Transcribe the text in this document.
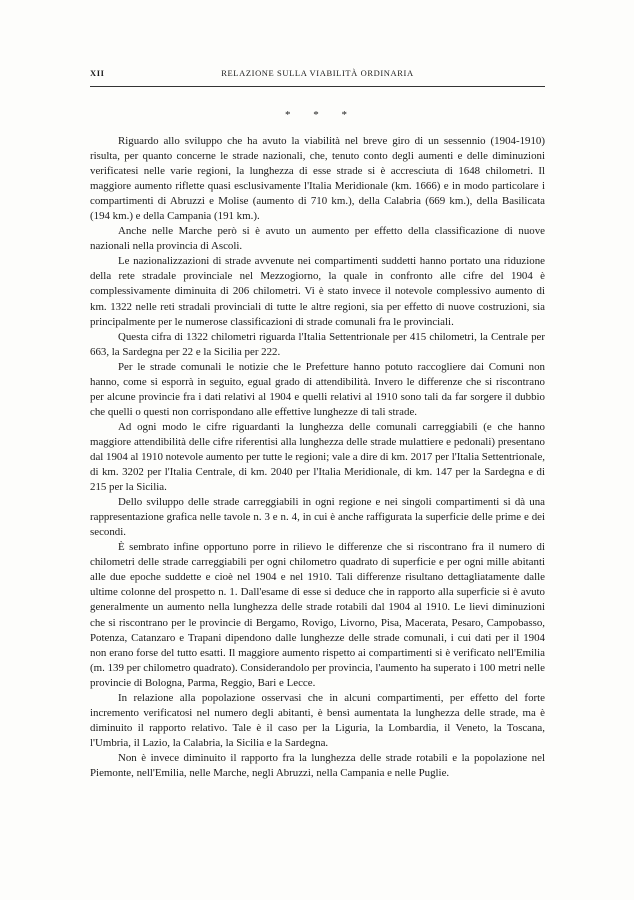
XII	RELAZIONE SULLA VIABILITÀ ORDINARIA
* * *

Riguardo allo sviluppo che ha avuto la viabilità nel breve giro di un sessennio (1904-1910) risulta, per quanto concerne le strade nazionali, che, tenuto conto degli aumenti e delle diminuzioni verificatesi nelle varie regioni, la lunghezza di esse strade si è accresciuta di 1648 chilometri. Il maggiore aumento riflette quasi esclusivamente l'Italia Meridionale (km. 1666) e in modo particolare i compartimenti di Abruzzi e Molise (aumento di 710 km.), della Calabria (669 km.), della Basilicata (194 km.) e della Campania (191 km.).

Anche nelle Marche però si è avuto un aumento per effetto della classificazione di nuove nazionali nella provincia di Ascoli.

Le nazionalizzazioni di strade avvenute nei compartimenti suddetti hanno portato una riduzione della rete stradale provinciale nel Mezzogiorno, la quale in confronto alle cifre del 1904 è complessivamente diminuita di 206 chilometri. Vi è stato invece il notevole complessivo aumento di km. 1322 nelle reti stradali provinciali di tutte le altre regioni, sia per effetto di nuove costruzioni, sia principalmente per le numerose classificazioni di strade comunali fra le provinciali.

Questa cifra di 1322 chilometri riguarda l'Italia Settentrionale per 415 chilometri, la Centrale per 663, la Sardegna per 22 e la Sicilia per 222.

Per le strade comunali le notizie che le Prefetture hanno potuto raccogliere dai Comuni non hanno, come si esporrà in seguito, egual grado di attendibilità. Invero le differenze che si riscontrano per alcune provincie fra i dati relativi al 1904 e quelli relativi al 1910 sono tali da far sorgere il dubbio che quelli o questi non corrispondano alle effettive lunghezze di tali strade.

Ad ogni modo le cifre riguardanti la lunghezza delle comunali carreggiabili (e che hanno maggiore attendibilità delle cifre riferentisi alla lunghezza delle strade mulattiere e pedonali) presentano dal 1904 al 1910 notevole aumento per tutte le regioni; vale a dire di km. 2017 per l'Italia Settentrionale, di km. 3202 per l'Italia Centrale, di km. 2040 per l'Italia Meridionale, di km. 147 per la Sardegna e di 215 per la Sicilia.

Dello sviluppo delle strade carreggiabili in ogni regione e nei singoli compartimenti si dà una rappresentazione grafica nelle tavole n. 3 e n. 4, in cui è anche raffigurata la superficie delle prime e dei secondi.

È sembrato infine opportuno porre in rilievo le differenze che si riscontrano fra il numero di chilometri delle strade carreggiabili per ogni chilometro quadrato di superficie e per ogni mille abitanti alle due epoche suddette e cioè nel 1904 e nel 1910. Tali differenze risultano dettagliatamente dalle ultime colonne del prospetto n. 1. Dall'esame di esse si deduce che in rapporto alla superficie si è avuto generalmente un aumento nella lunghezza delle strade rotabili dal 1904 al 1910. Le lievi diminuzioni che si riscontrano per le provincie di Bergamo, Rovigo, Livorno, Pisa, Macerata, Pesaro, Campobasso, Potenza, Catanzaro e Trapani dipendono dalle lunghezze delle strade comunali, i cui dati per il 1904 non erano forse del tutto esatti. Il maggiore aumento rispetto ai compartimenti si è verificato nell'Emilia (m. 139 per chilometro quadrato). Considerandolo per provincia, l'aumento ha superato i 100 metri nelle provincie di Bologna, Parma, Reggio, Bari e Lecce.

In relazione alla popolazione osservasi che in alcuni compartimenti, per effetto del forte incremento verificatosi nel numero degli abitanti, è bensì aumentata la lunghezza delle strade, ma è diminuito il rapporto relativo. Tale è il caso per la Liguria, la Lombardia, il Veneto, la Toscana, l'Umbria, il Lazio, la Calabria, la Sicilia e la Sardegna.

Non è invece diminuito il rapporto fra la lunghezza delle strade rotabili e la popolazione nel Piemonte, nell'Emilia, nelle Marche, negli Abruzzi, nella Campania e nelle Puglie.
